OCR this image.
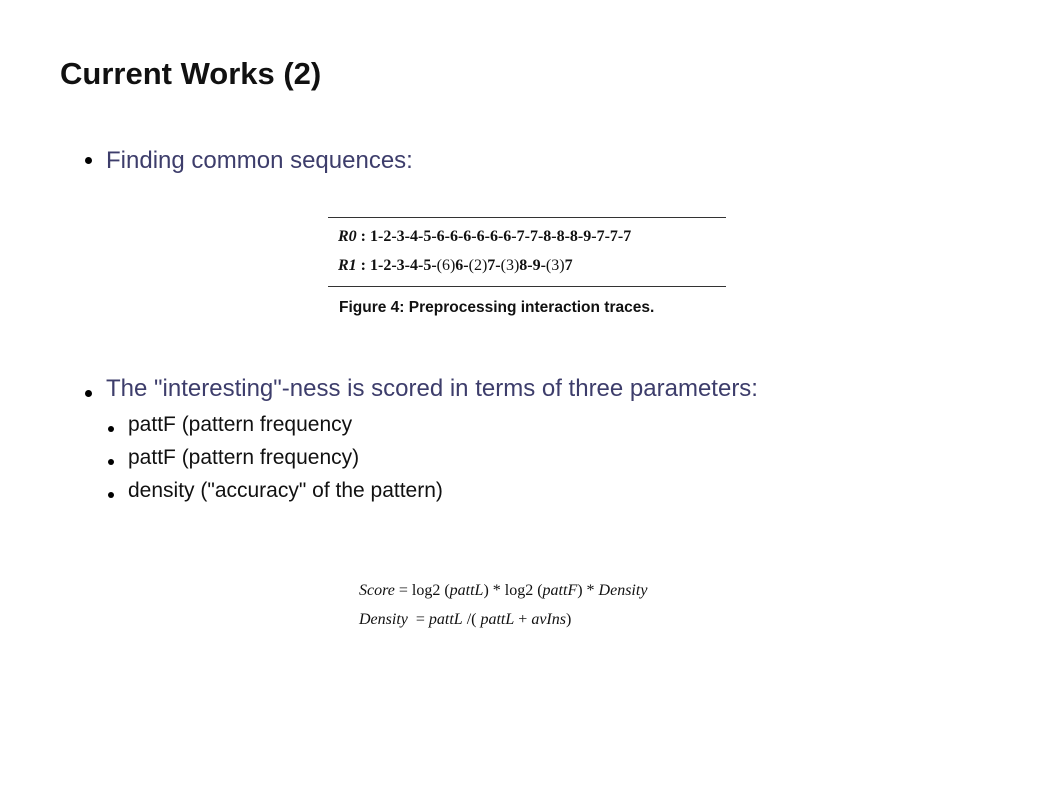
Current Works (2)
Finding common sequences:
R0 : 1-2-3-4-5-6-6-6-6-6-6-7-7-8-8-8-9-7-7-7
R1 : 1-2-3-4-5-(6)6-(2)7-(3)8-9-(3)7
Figure 4: Preprocessing interaction traces.
The "interesting"-ness is scored in terms of three parameters:
pattF (pattern frequency
pattF (pattern frequency)
density ("accuracy" of the pattern)
Score = log2 (pattL) * log2 (pattF) * Density
Density  = pattL /( pattL + avIns)
